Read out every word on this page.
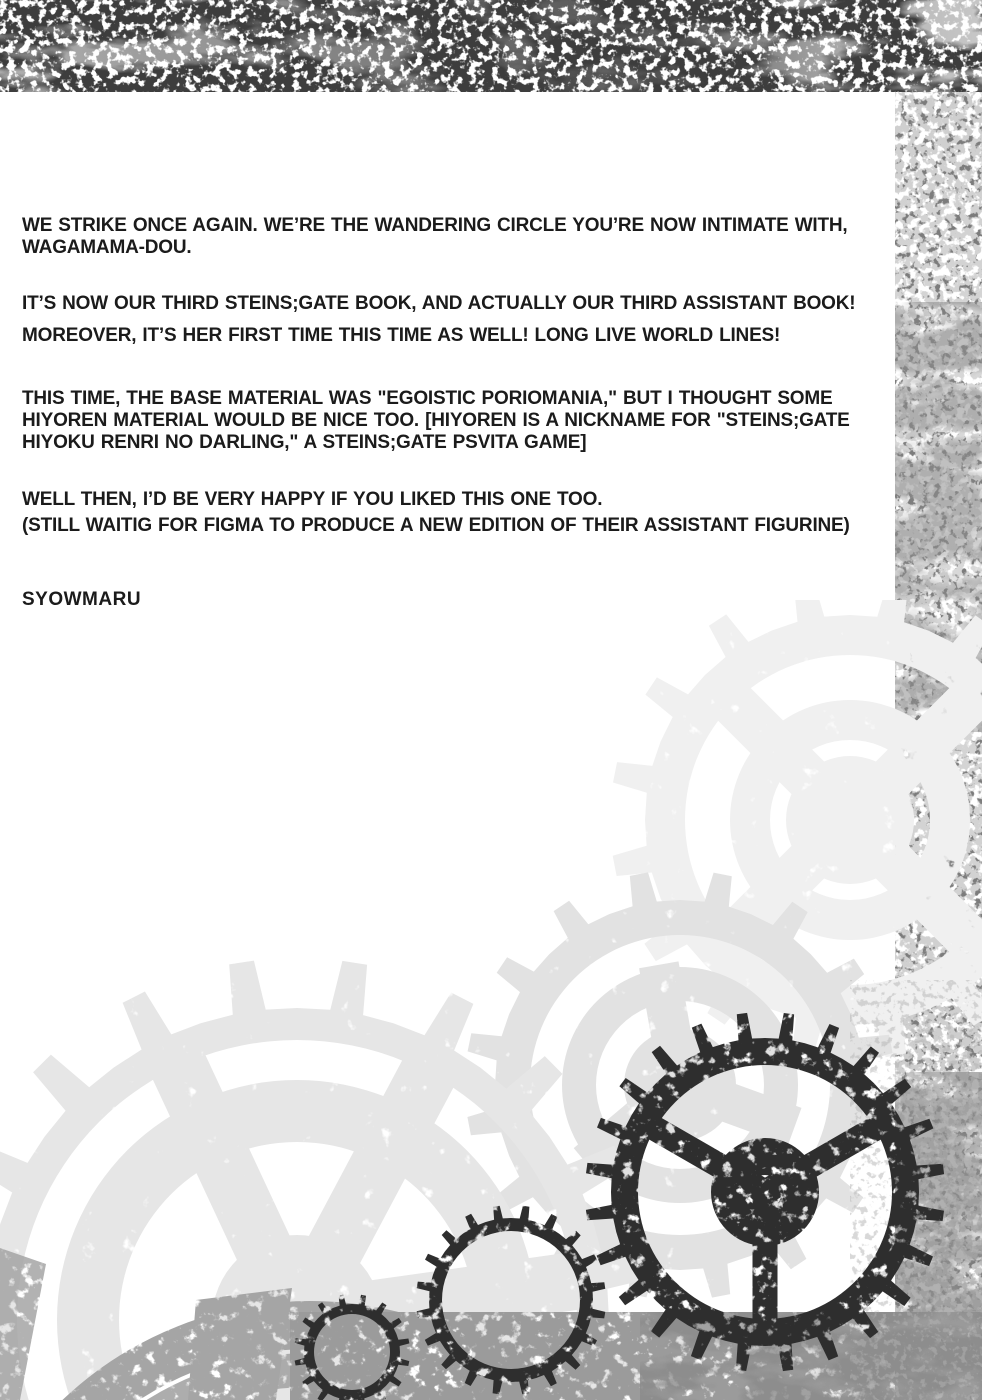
WE STRIKE ONCE AGAIN. WE’RE THE WANDERING CIRCLE YOU’RE NOW INTIMATE WITH,
WAGAMAMA-DOU.

IT’S NOW OUR THIRD STEINS;GATE BOOK, AND ACTUALLY OUR THIRD ASSISTANT BOOK!
MOREOVER, IT’S HER FIRST TIME THIS TIME AS WELL! LONG LIVE WORLD LINES!

THIS TIME, THE BASE MATERIAL WAS "EGOISTIC PORIOMANIA," BUT I THOUGHT SOME
HIYOREN MATERIAL WOULD BE NICE TOO. [HIYOREN IS A NICKNAME FOR "STEINS;GATE
HIYOKU RENRI NO DARLING," A STEINS;GATE PSVITA GAME]

WELL THEN, I’D BE VERY HAPPY IF YOU LIKED THIS ONE TOO.
(STILL WAITIG FOR FIGMA TO PRODUCE A NEW EDITION OF THEIR ASSISTANT FIGURINE)

SYOWMARU
